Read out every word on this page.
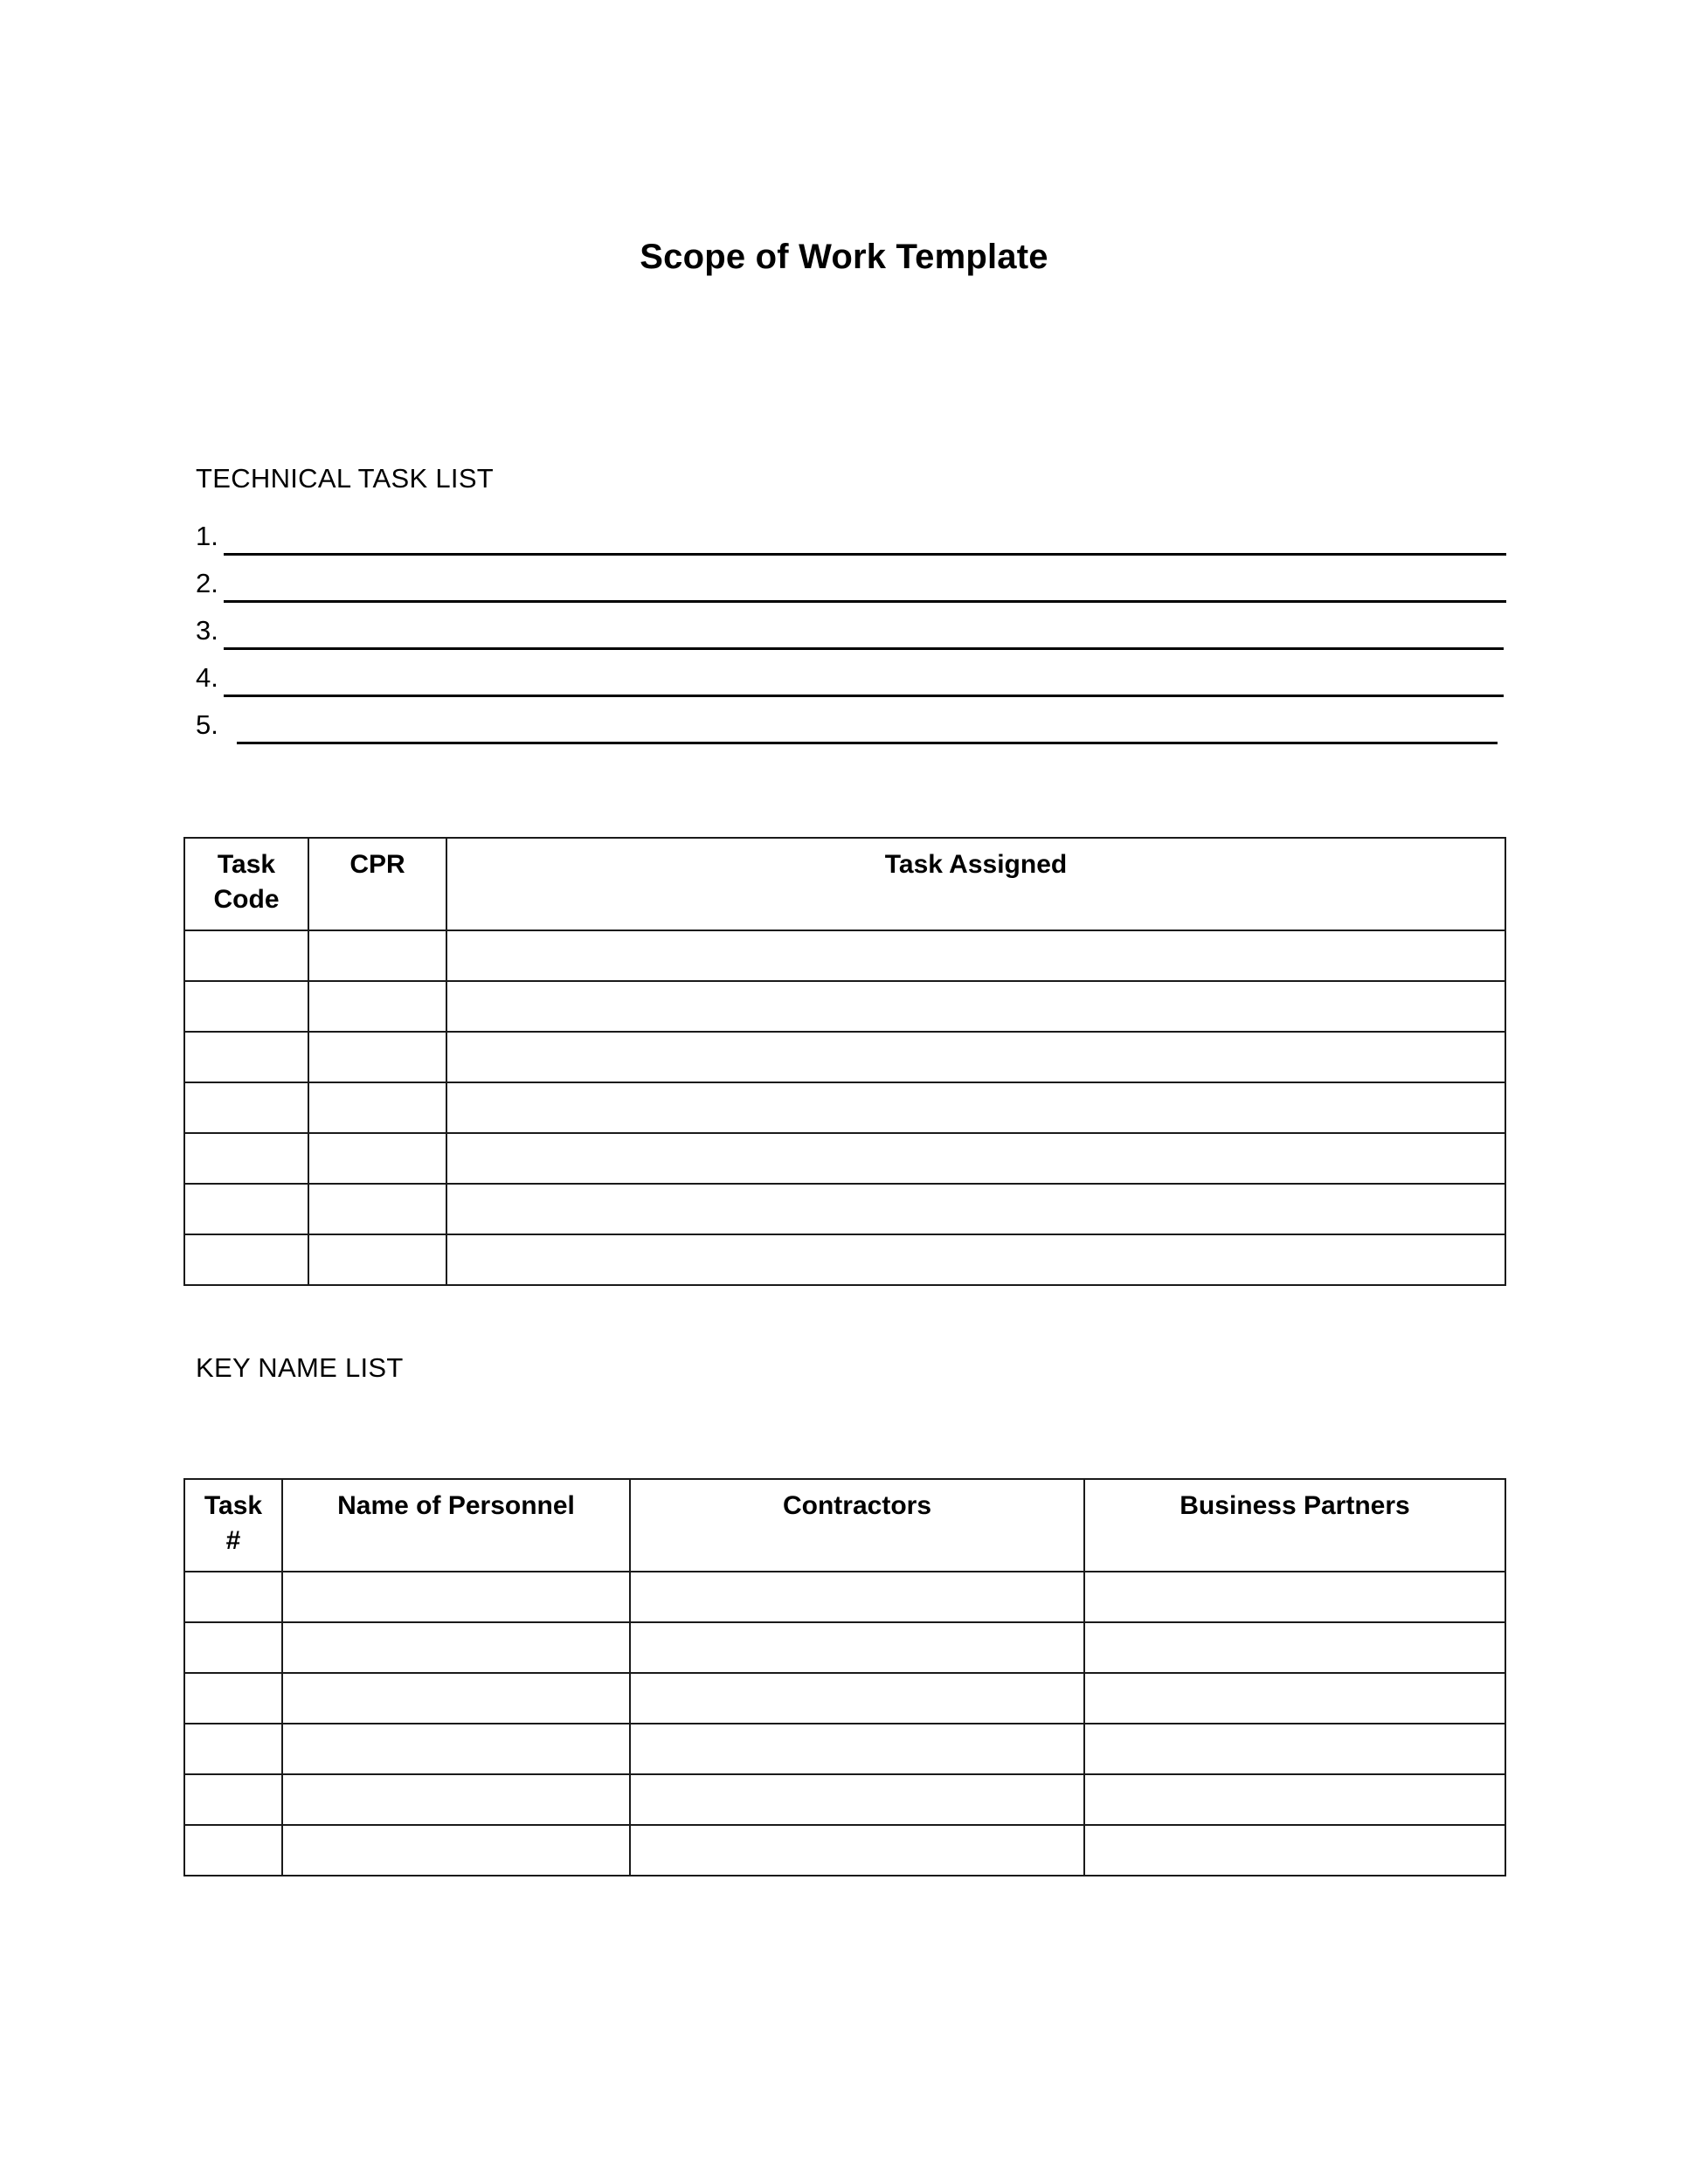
Scope of Work Template
TECHNICAL TASK LIST
1.
2.
3.
4.
5.
Task
Code	CPR	Task Assigned

KEY NAME LIST
Task
#	Name of Personnel	Contractors	Business Partners
